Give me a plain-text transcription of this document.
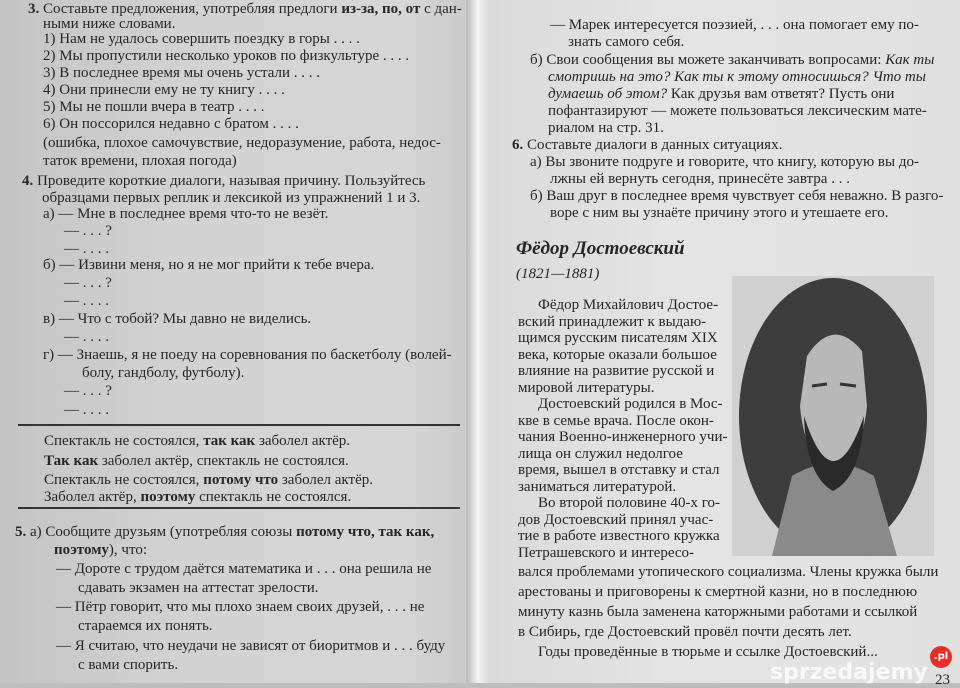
3. Составьте предложения, употребляя предлоги из-за, по, от с дан-
ными ниже словами.
1) Нам не удалось совершить поездку в горы . . . .
2) Мы пропустили несколько уроков по физкультуре . . . .
3) В последнее время мы очень устали . . . .
4) Они принесли ему не ту книгу . . . .
5) Мы не пошли вчера в театр . . . .
6) Он поссорился недавно с братом . . . .
(ошибка, плохое самочувствие, недоразумение, работа, недос-
таток времени, плохая погода)
4. Проведите короткие диалоги, называя причину. Пользуйтесь
образцами первых реплик и лексикой из упражнений 1 и 3.
а) — Мне в последнее время что-то не везёт.
— . . . ?
— . . . .
б) — Извини меня, но я не мог прийти к тебе вчера.
— . . . ?
— . . . .
в) — Что с тобой? Мы давно не виделись.
— . . . .
г) — Знаешь, я не поеду на соревнования по баскетболу (волей-
болу, гандболу, футболу).
— . . . ?
— . . . .
Спектакль не состоялся, так как заболел актёр.
Так как заболел актёр, спектакль не состоялся.
Спектакль не состоялся, потому что заболел актёр.
Заболел актёр, поэтому спектакль не состоялся.
5. а) Сообщите друзьям (употребляя союзы потому что, так как,
поэтому), что:
— Дороте с трудом даётся математика и . . . она решила не
сдавать экзамен на аттестат зрелости.
— Пётр говорит, что мы плохо знаем своих друзей, . . . не
стараемся их понять.
— Я считаю, что неудачи не зависят от биоритмов и . . . буду
с вами спорить.
— Марек интересуется поэзией, . . . она помогает ему по-
знать самого себя.
б) Свои сообщения вы можете заканчивать вопросами: Как ты
смотришь на это? Как ты к этому относишься? Что ты
думаешь об этом? Как друзья вам ответят? Пусть они
пофантазируют — можете пользоваться лексическим мате-
риалом на стр. 31.
6. Составьте диалоги в данных ситуациях.
а) Вы звоните подруге и говорите, что книгу, которую вы до-
лжны ей вернуть сегодня, принесёте завтра . . .
б) Ваш друг в последнее время чувствует себя неважно. В разго-
воре с ним вы узнаёте причину этого и утешаете его.
Фёдор Достоевский
(1821—1881)
Фёдор Михайлович Достое-
вский принадлежит к выдаю-
щимся русским писателям XIX
века, которые оказали большое
влияние на развитие русской и
мировой литературы.
Достоевский родился в Мос-
кве в семье врача. После окон-
чания Военно-инженерного учи-
лища он служил недолгое
время, вышел в отставку и стал
заниматься литературой.
Во второй половине 40-х го-
дов Достоевский принял учас-
тие в работе известного кружка
Петрашевского и интересо-
вался проблемами утопического социализма. Члены кружка были
арестованы и приговорены к смертной казни, но в последнюю
минуту казнь была заменена каторжными работами и ссылкой
в Сибирь, где Достоевский провёл почти десять лет.
Годы проведённые в тюрьме и ссылке Достоевский...
23
sprzedajemy
.pl
